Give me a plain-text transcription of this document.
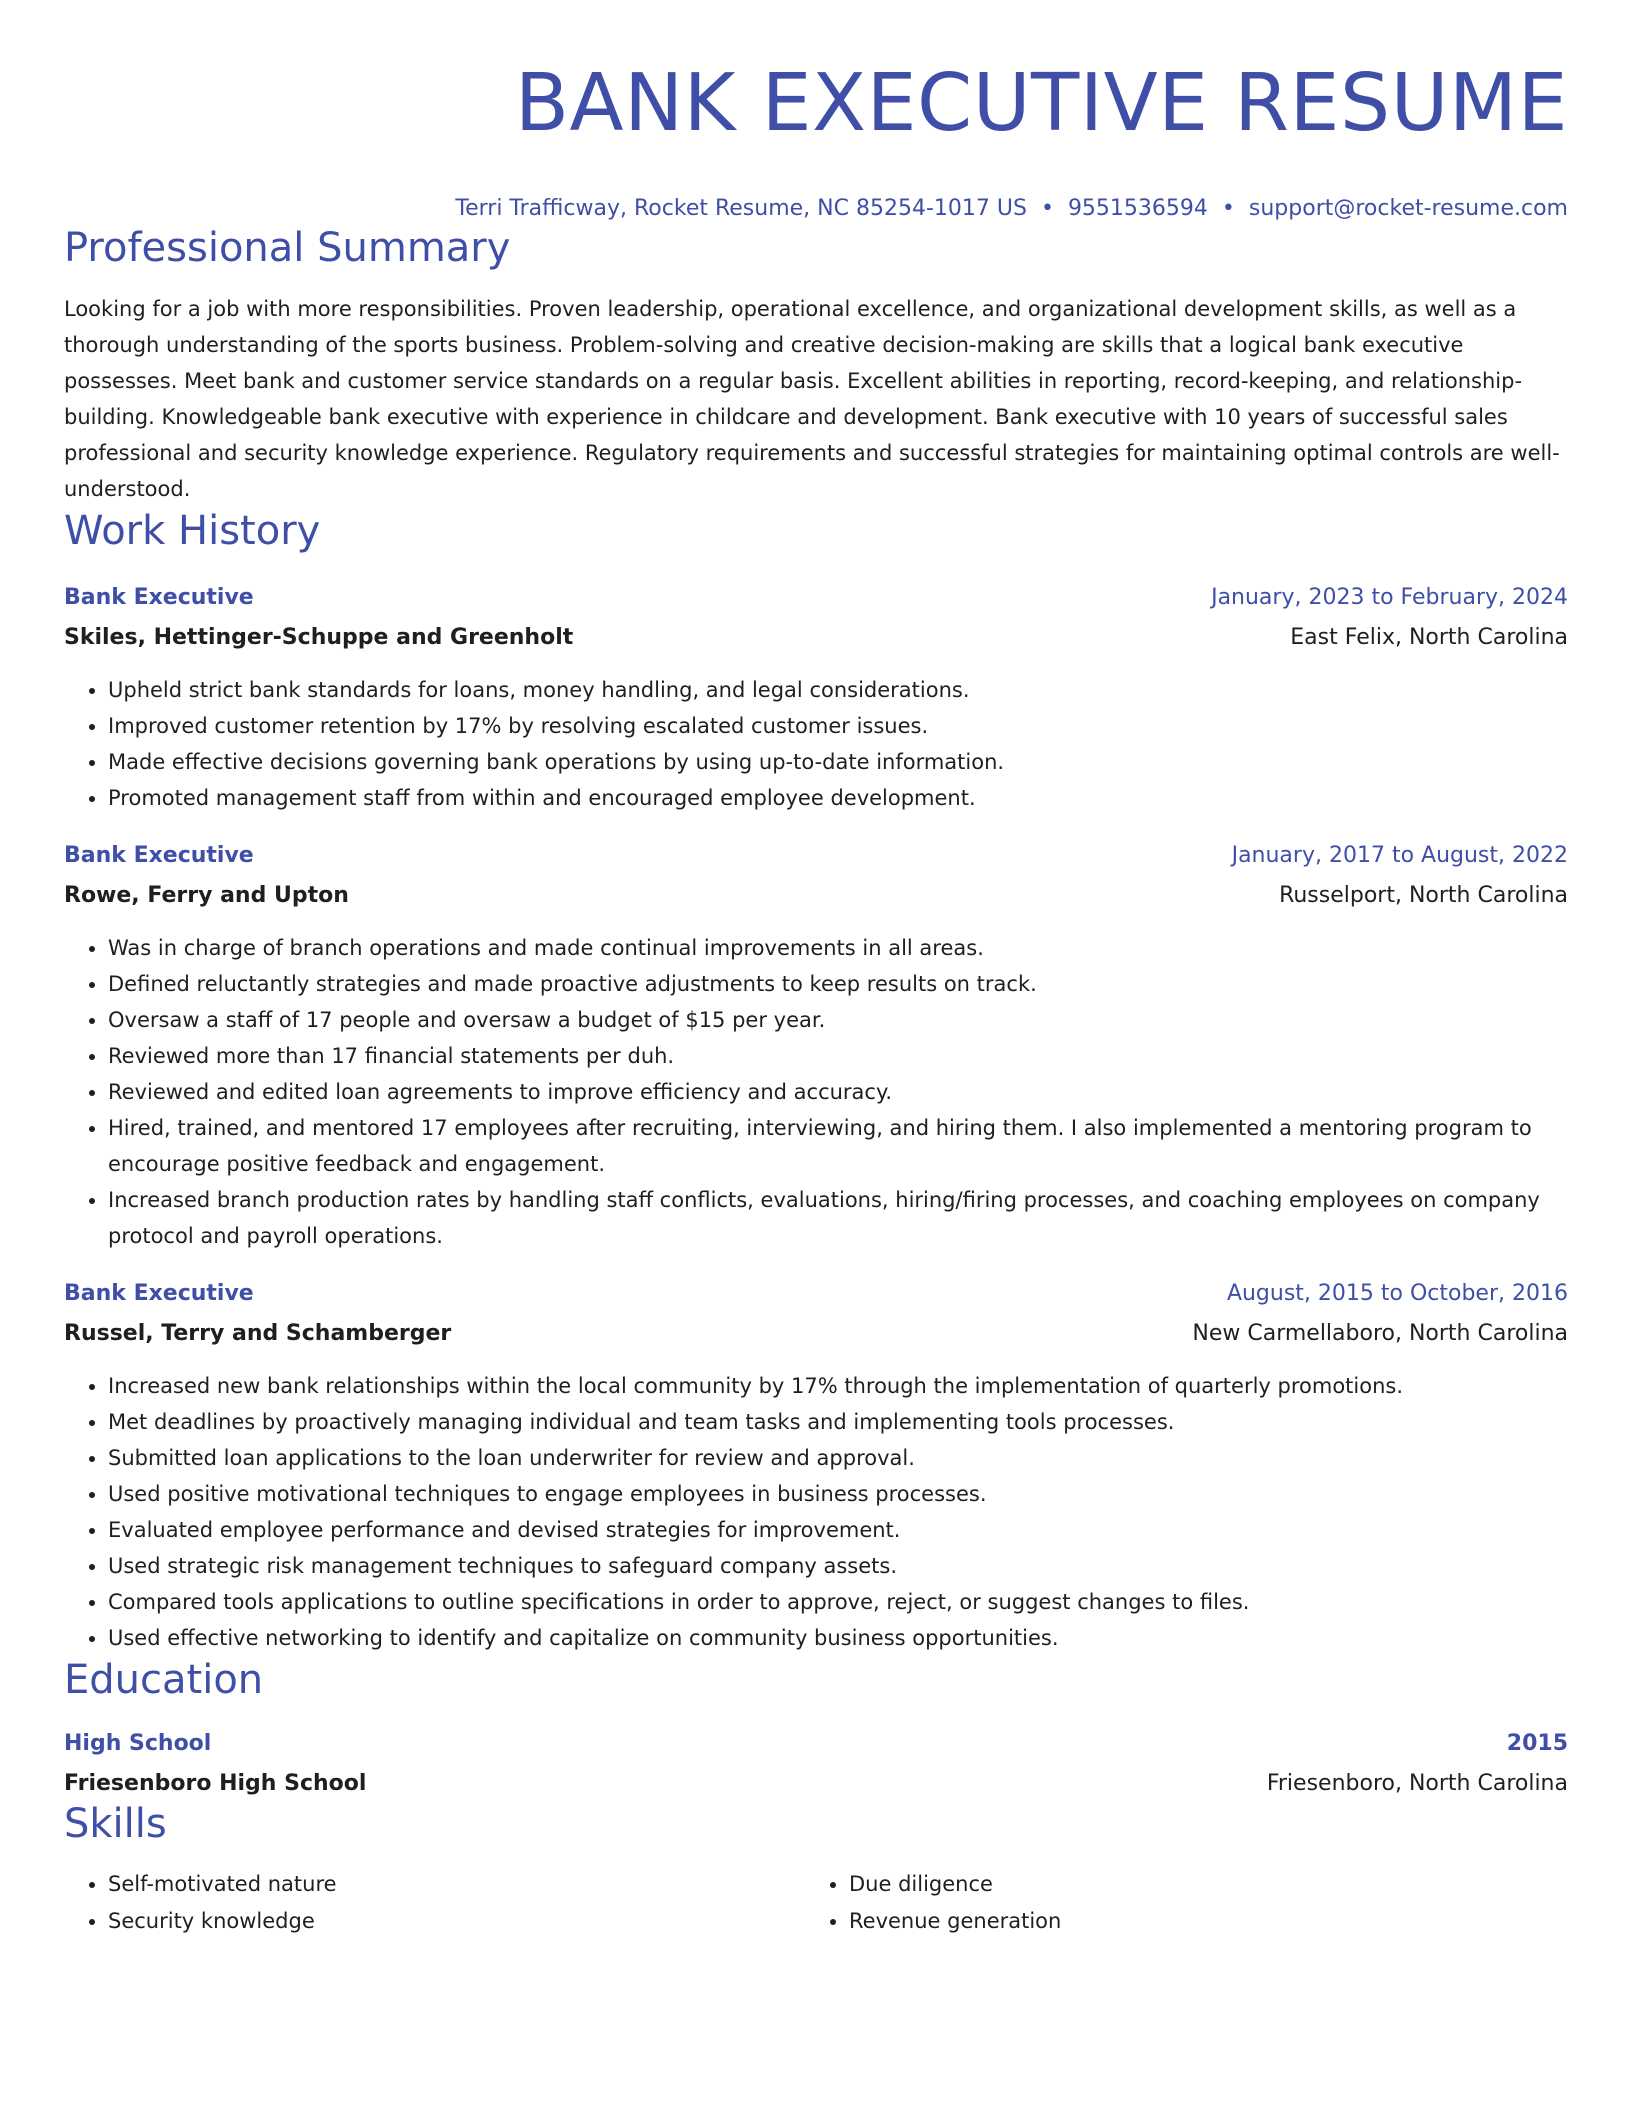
BANK EXECUTIVE RESUME
Terri Trafficway, Rocket Resume, NC 85254-1017 US • 9551536594 • support@rocket-resume.com
Professional Summary

Looking for a job with more responsibilities. Proven leadership, operational excellence, and organizational development skills, as well as a thorough understanding of the sports business. Problem-solving and creative decision-making are skills that a logical bank executive possesses. Meet bank and customer service standards on a regular basis. Excellent abilities in reporting, record-keeping, and relationship-building. Knowledgeable bank executive with experience in childcare and development. Bank executive with 10 years of successful sales professional and security knowledge experience. Regulatory requirements and successful strategies for maintaining optimal controls are well-understood.

Work History
Bank Executive	January, 2023 to February, 2024
Skiles, Hettinger-Schuppe and Greenholt	East Felix, North Carolina
• Upheld strict bank standards for loans, money handling, and legal considerations.
• Improved customer retention by 17% by resolving escalated customer issues.
• Made effective decisions governing bank operations by using up-to-date information.
• Promoted management staff from within and encouraged employee development.
Bank Executive	January, 2017 to August, 2022
Rowe, Ferry and Upton	Russelport, North Carolina
• Was in charge of branch operations and made continual improvements in all areas.
• Defined reluctantly strategies and made proactive adjustments to keep results on track.
• Oversaw a staff of 17 people and oversaw a budget of $15 per year.
• Reviewed more than 17 financial statements per duh.
• Reviewed and edited loan agreements to improve efficiency and accuracy.
• Hired, trained, and mentored 17 employees after recruiting, interviewing, and hiring them. I also implemented a mentoring program to encourage positive feedback and engagement.
• Increased branch production rates by handling staff conflicts, evaluations, hiring/firing processes, and coaching employees on company protocol and payroll operations.
Bank Executive	August, 2015 to October, 2016
Russel, Terry and Schamberger	New Carmellaboro, North Carolina
• Increased new bank relationships within the local community by 17% through the implementation of quarterly promotions.
• Met deadlines by proactively managing individual and team tasks and implementing tools processes.
• Submitted loan applications to the loan underwriter for review and approval.
• Used positive motivational techniques to engage employees in business processes.
• Evaluated employee performance and devised strategies for improvement.
• Used strategic risk management techniques to safeguard company assets.
• Compared tools applications to outline specifications in order to approve, reject, or suggest changes to files.
• Used effective networking to identify and capitalize on community business opportunities.
Education
High School	2015
Friesenboro High School	Friesenboro, North Carolina
Skills
• Self-motivated nature
• Security knowledge
• Due diligence
• Revenue generation
